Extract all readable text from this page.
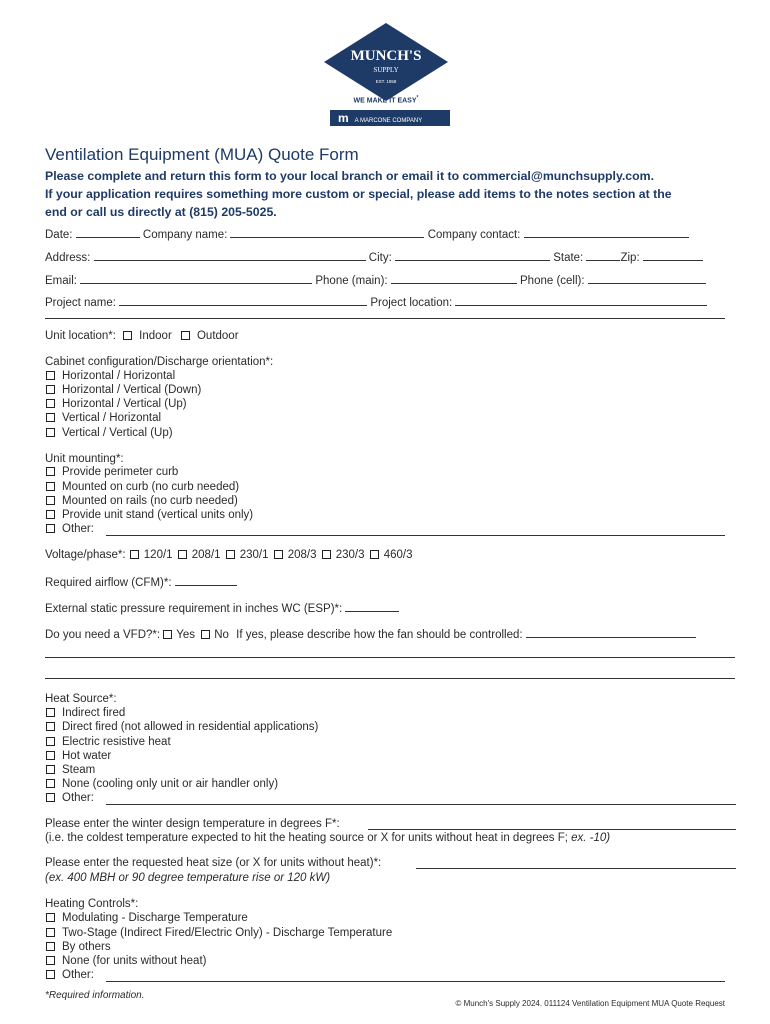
MUNCH'S
SUPPLY
EST. 1958
WE MAKE IT EASY*
m A MARCONE COMPANY
Ventilation Equipment (MUA) Quote Form
Please complete and return this form to your local branch or email it to commercial@munchsupply.com.
If your application requires something more custom or special, please add items to the notes section at the
end or call us directly at (815) 205-5025.
Date:	Company name:	Company contact:
Address:	City:	State:	Zip:
Email:	Phone (main):	Phone (cell):
Project name:	Project location:
Unit location*: Indoor Outdoor
Cabinet configuration/Discharge orientation*:
Horizontal / Horizontal
Horizontal / Vertical (Down)
Horizontal / Vertical (Up)
Vertical / Horizontal
Vertical / Vertical (Up)
Unit mounting*:
Provide perimeter curb
Mounted on curb (no curb needed)
Mounted on rails (no curb needed)
Provide unit stand (vertical units only)
Other:
Voltage/phase*: 120/1 208/1 230/1 208/3 230/3 460/3
Required airflow (CFM)*:
External static pressure requirement in inches WC (ESP)*:
Do you need a VFD?*: Yes No If yes, please describe how the fan should be controlled:
Heat Source*:
Indirect fired
Direct fired (not allowed in residential applications)
Electric resistive heat
Hot water
Steam
None (cooling only unit or air handler only)
Other:
Please enter the winter design temperature in degrees F*:
(i.e. the coldest temperature expected to hit the heating source or X for units without heat in degrees F; ex. -10)
Please enter the requested heat size (or X for units without heat)*:
(ex. 400 MBH or 90 degree temperature rise or 120 kW)
Heating Controls*:
Modulating - Discharge Temperature
Two-Stage (Indirect Fired/Electric Only) - Discharge Temperature
By others
None (for units without heat)
Other:
*Required information.
© Munch's Supply 2024. 011124 Ventilation Equipment MUA Quote Request
